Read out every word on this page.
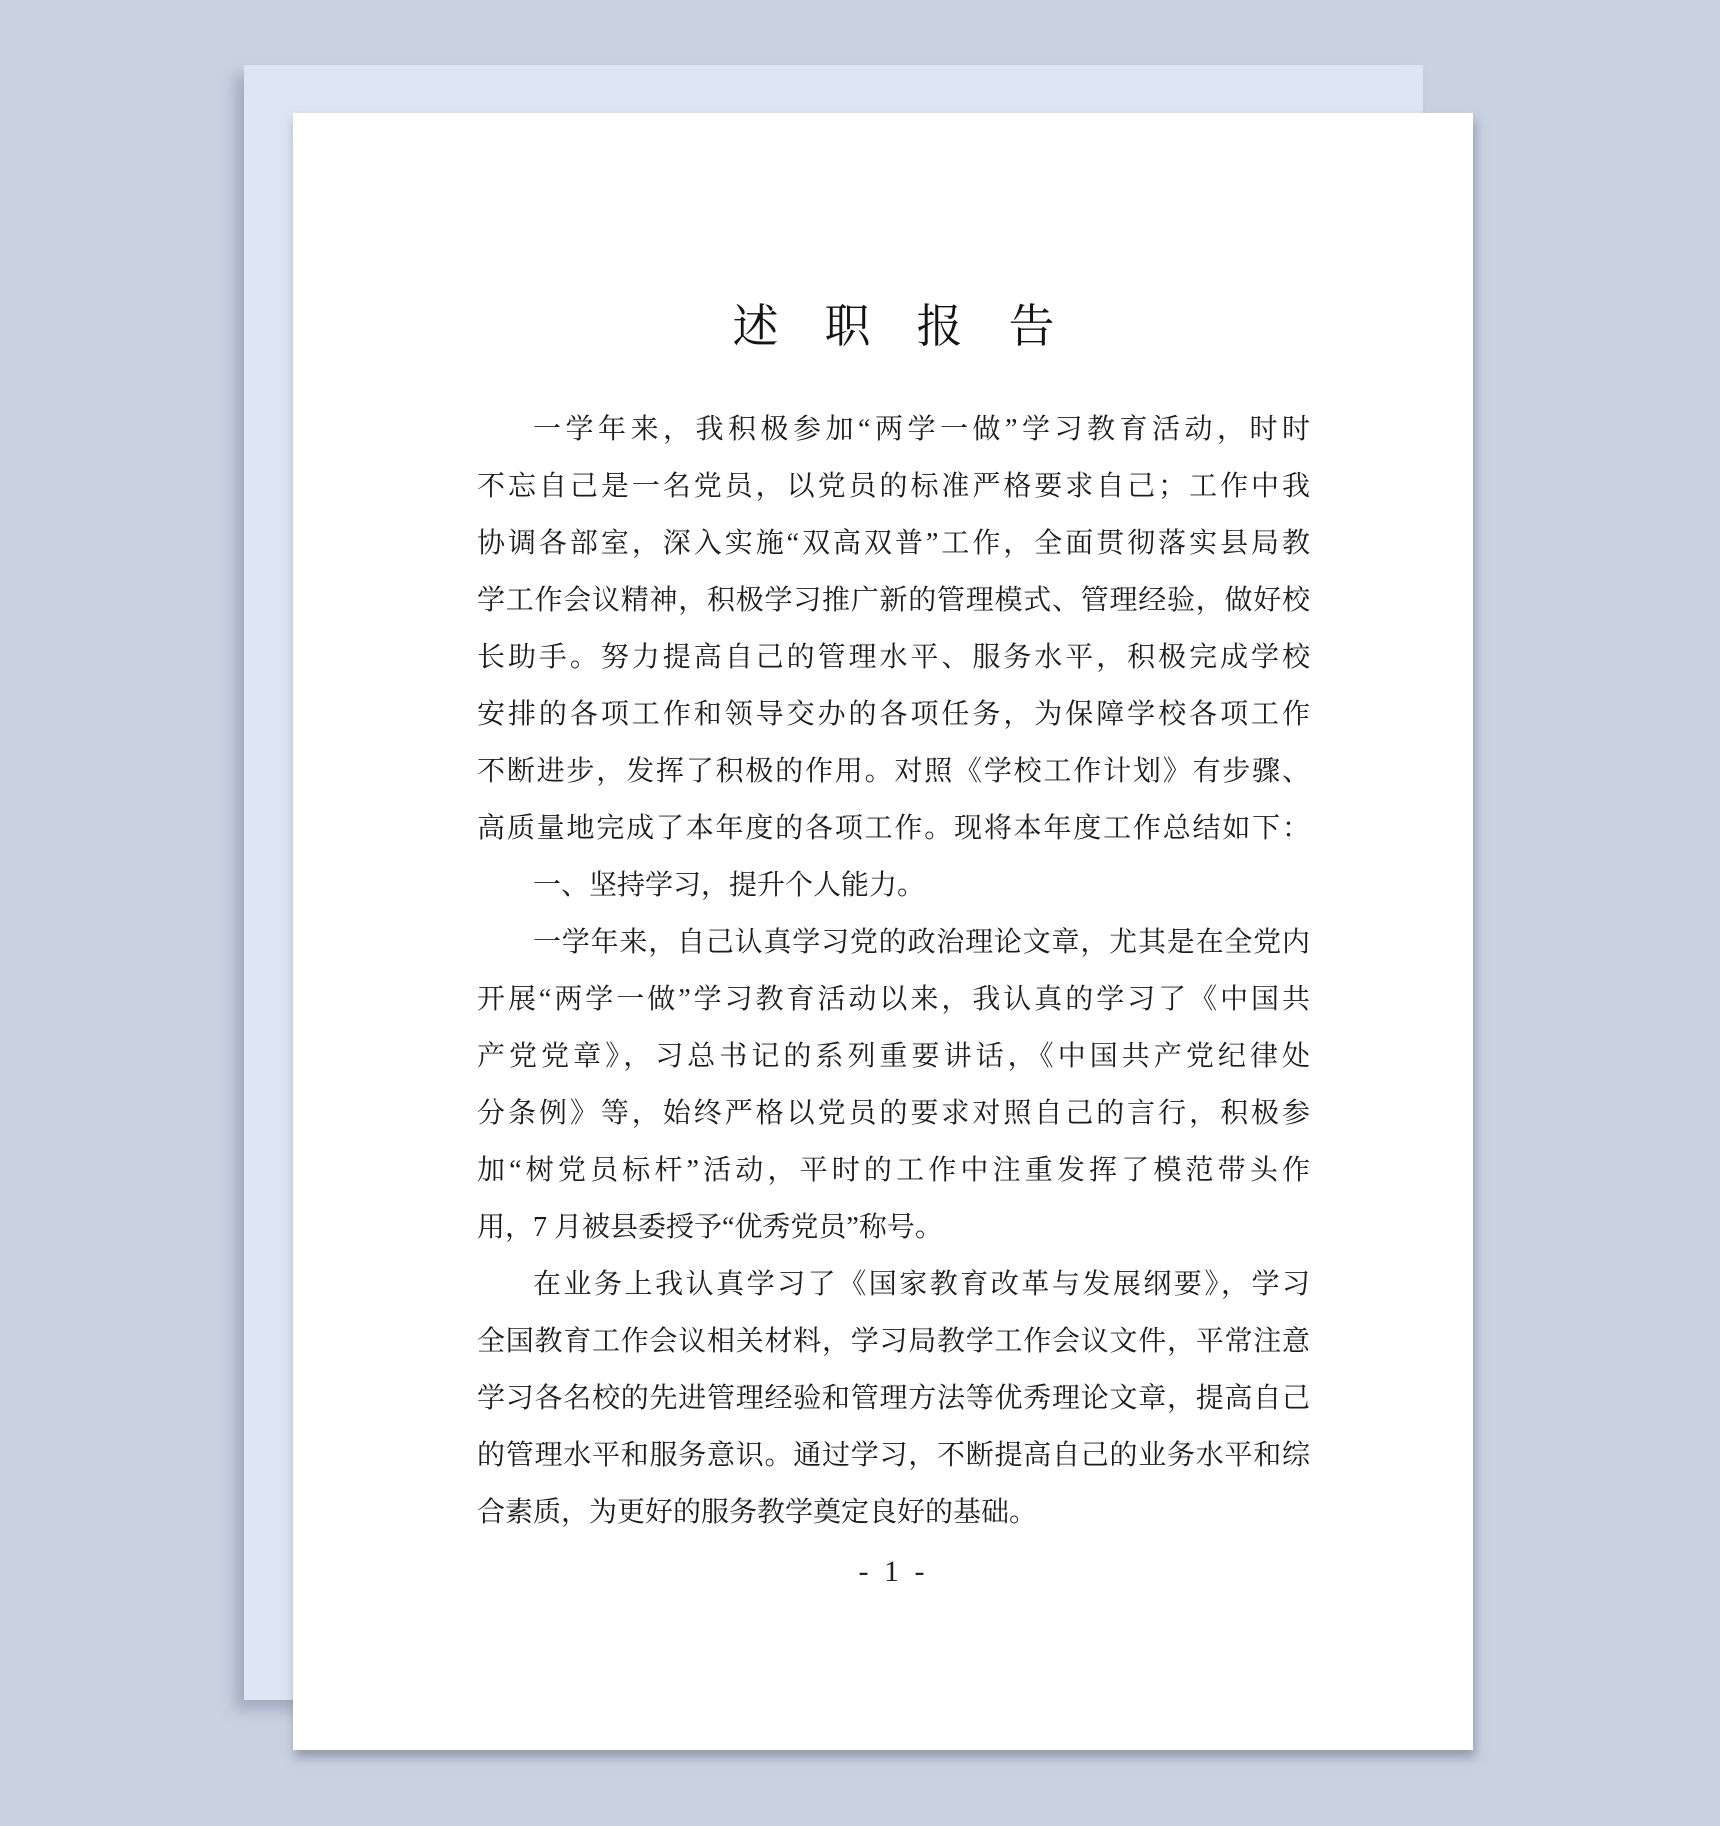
述职报告
一学年来，我积极参加“两学一做”学习教育活动，时时
不忘自己是一名党员，以党员的标准严格要求自己；工作中我
协调各部室，深入实施“双高双普”工作，全面贯彻落实县局教
学工作会议精神，积极学习推广新的管理模式、管理经验，做好校
长助手。努力提高自己的管理水平、服务水平，积极完成学校
安排的各项工作和领导交办的各项任务，为保障学校各项工作
不断进步，发挥了积极的作用。对照《学校工作计划》有步骤、
高质量地完成了本年度的各项工作。现将本年度工作总结如下：
一、坚持学习，提升个人能力。
一学年来，自己认真学习党的政治理论文章，尤其是在全党内
开展“两学一做”学习教育活动以来，我认真的学习了《中国共
产党党章》，习总书记的系列重要讲话，《中国共产党纪律处
分条例》等，始终严格以党员的要求对照自己的言行，积极参
加“树党员标杆”活动，平时的工作中注重发挥了模范带头作
用，7 月被县委授予“优秀党员”称号。
在业务上我认真学习了《国家教育改革与发展纲要》，学习
全国教育工作会议相关材料，学习局教学工作会议文件，平常注意
学习各名校的先进管理经验和管理方法等优秀理论文章，提高自己
的管理水平和服务意识。通过学习，不断提高自己的业务水平和综
合素质，为更好的服务教学奠定良好的基础。
- 1 -
